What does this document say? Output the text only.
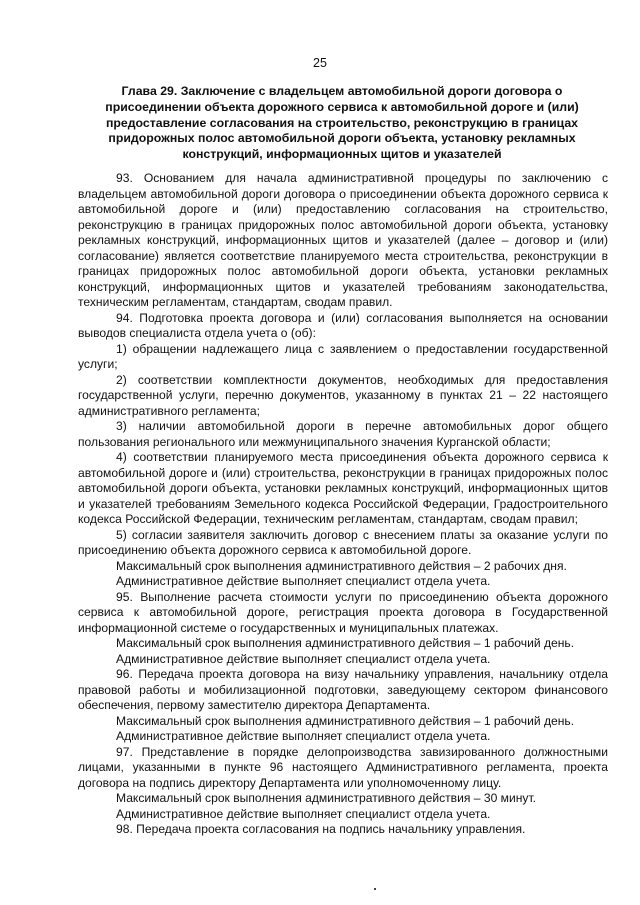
25
Глава 29. Заключение с владельцем автомобильной дороги договора о присоединении объекта дорожного сервиса к автомобильной дороге и (или) предоставление согласования на строительство, реконструкцию в границах придорожных полос автомобильной дороги объекта, установку рекламных конструкций, информационных щитов и указателей

93. Основанием для начала административной процедуры по заключению с владельцем автомобильной дороги договора о присоединении объекта дорожного сервиса к автомобильной дороге и (или) предоставлению согласования на строительство, реконструкцию в границах придорожных полос автомобильной дороги объекта, установку рекламных конструкций, информационных щитов и указателей (далее – договор и (или) согласование) является соответствие планируемого места строительства, реконструкции в границах придорожных полос автомобильной дороги объекта, установки рекламных конструкций, информационных щитов и указателей требованиям законодательства, техническим регламентам, стандартам, сводам правил.

94. Подготовка проекта договора и (или) согласования выполняется на основании выводов специалиста отдела учета о (об):

1) обращении надлежащего лица с заявлением о предоставлении государственной услуги;

2) соответствии комплектности документов, необходимых для предоставления государственной услуги, перечню документов, указанному в пунктах 21 – 22 настоящего административного регламента;

3) наличии автомобильной дороги в перечне автомобильных дорог общего пользования регионального или межмуниципального значения Курганской области;

4) соответствии планируемого места присоединения объекта дорожного сервиса к автомобильной дороге и (или) строительства, реконструкции в границах придорожных полос автомобильной дороги объекта, установки рекламных конструкций, информационных щитов и указателей требованиям Земельного кодекса Российской Федерации, Градостроительного кодекса Российской Федерации, техническим регламентам, стандартам, сводам правил;

5) согласии заявителя заключить договор с внесением платы за оказание услуги по присоединению объекта дорожного сервиса к автомобильной дороге.

Максимальный срок выполнения административного действия – 2 рабочих дня.

Административное действие выполняет специалист отдела учета.

95. Выполнение расчета стоимости услуги по присоединению объекта дорожного сервиса к автомобильной дороге, регистрация проекта договора в Государственной информационной системе о государственных и муниципальных платежах.

Максимальный срок выполнения административного действия – 1 рабочий день.

Административное действие выполняет специалист отдела учета.

96. Передача проекта договора на визу начальнику управления, начальнику отдела правовой работы и мобилизационной подготовки, заведующему сектором финансового обеспечения, первому заместителю директора Департамента.

Максимальный срок выполнения административного действия – 1 рабочий день.

Административное действие выполняет специалист отдела учета.

97. Представление в порядке делопроизводства завизированного должностными лицами, указанными в пункте 96 настоящего Административного регламента, проекта договора на подпись директору Департамента или уполномоченному лицу.

Максимальный срок выполнения административного действия – 30 минут.

Административное действие выполняет специалист отдела учета.

98. Передача проекта согласования на подпись начальнику управления.
